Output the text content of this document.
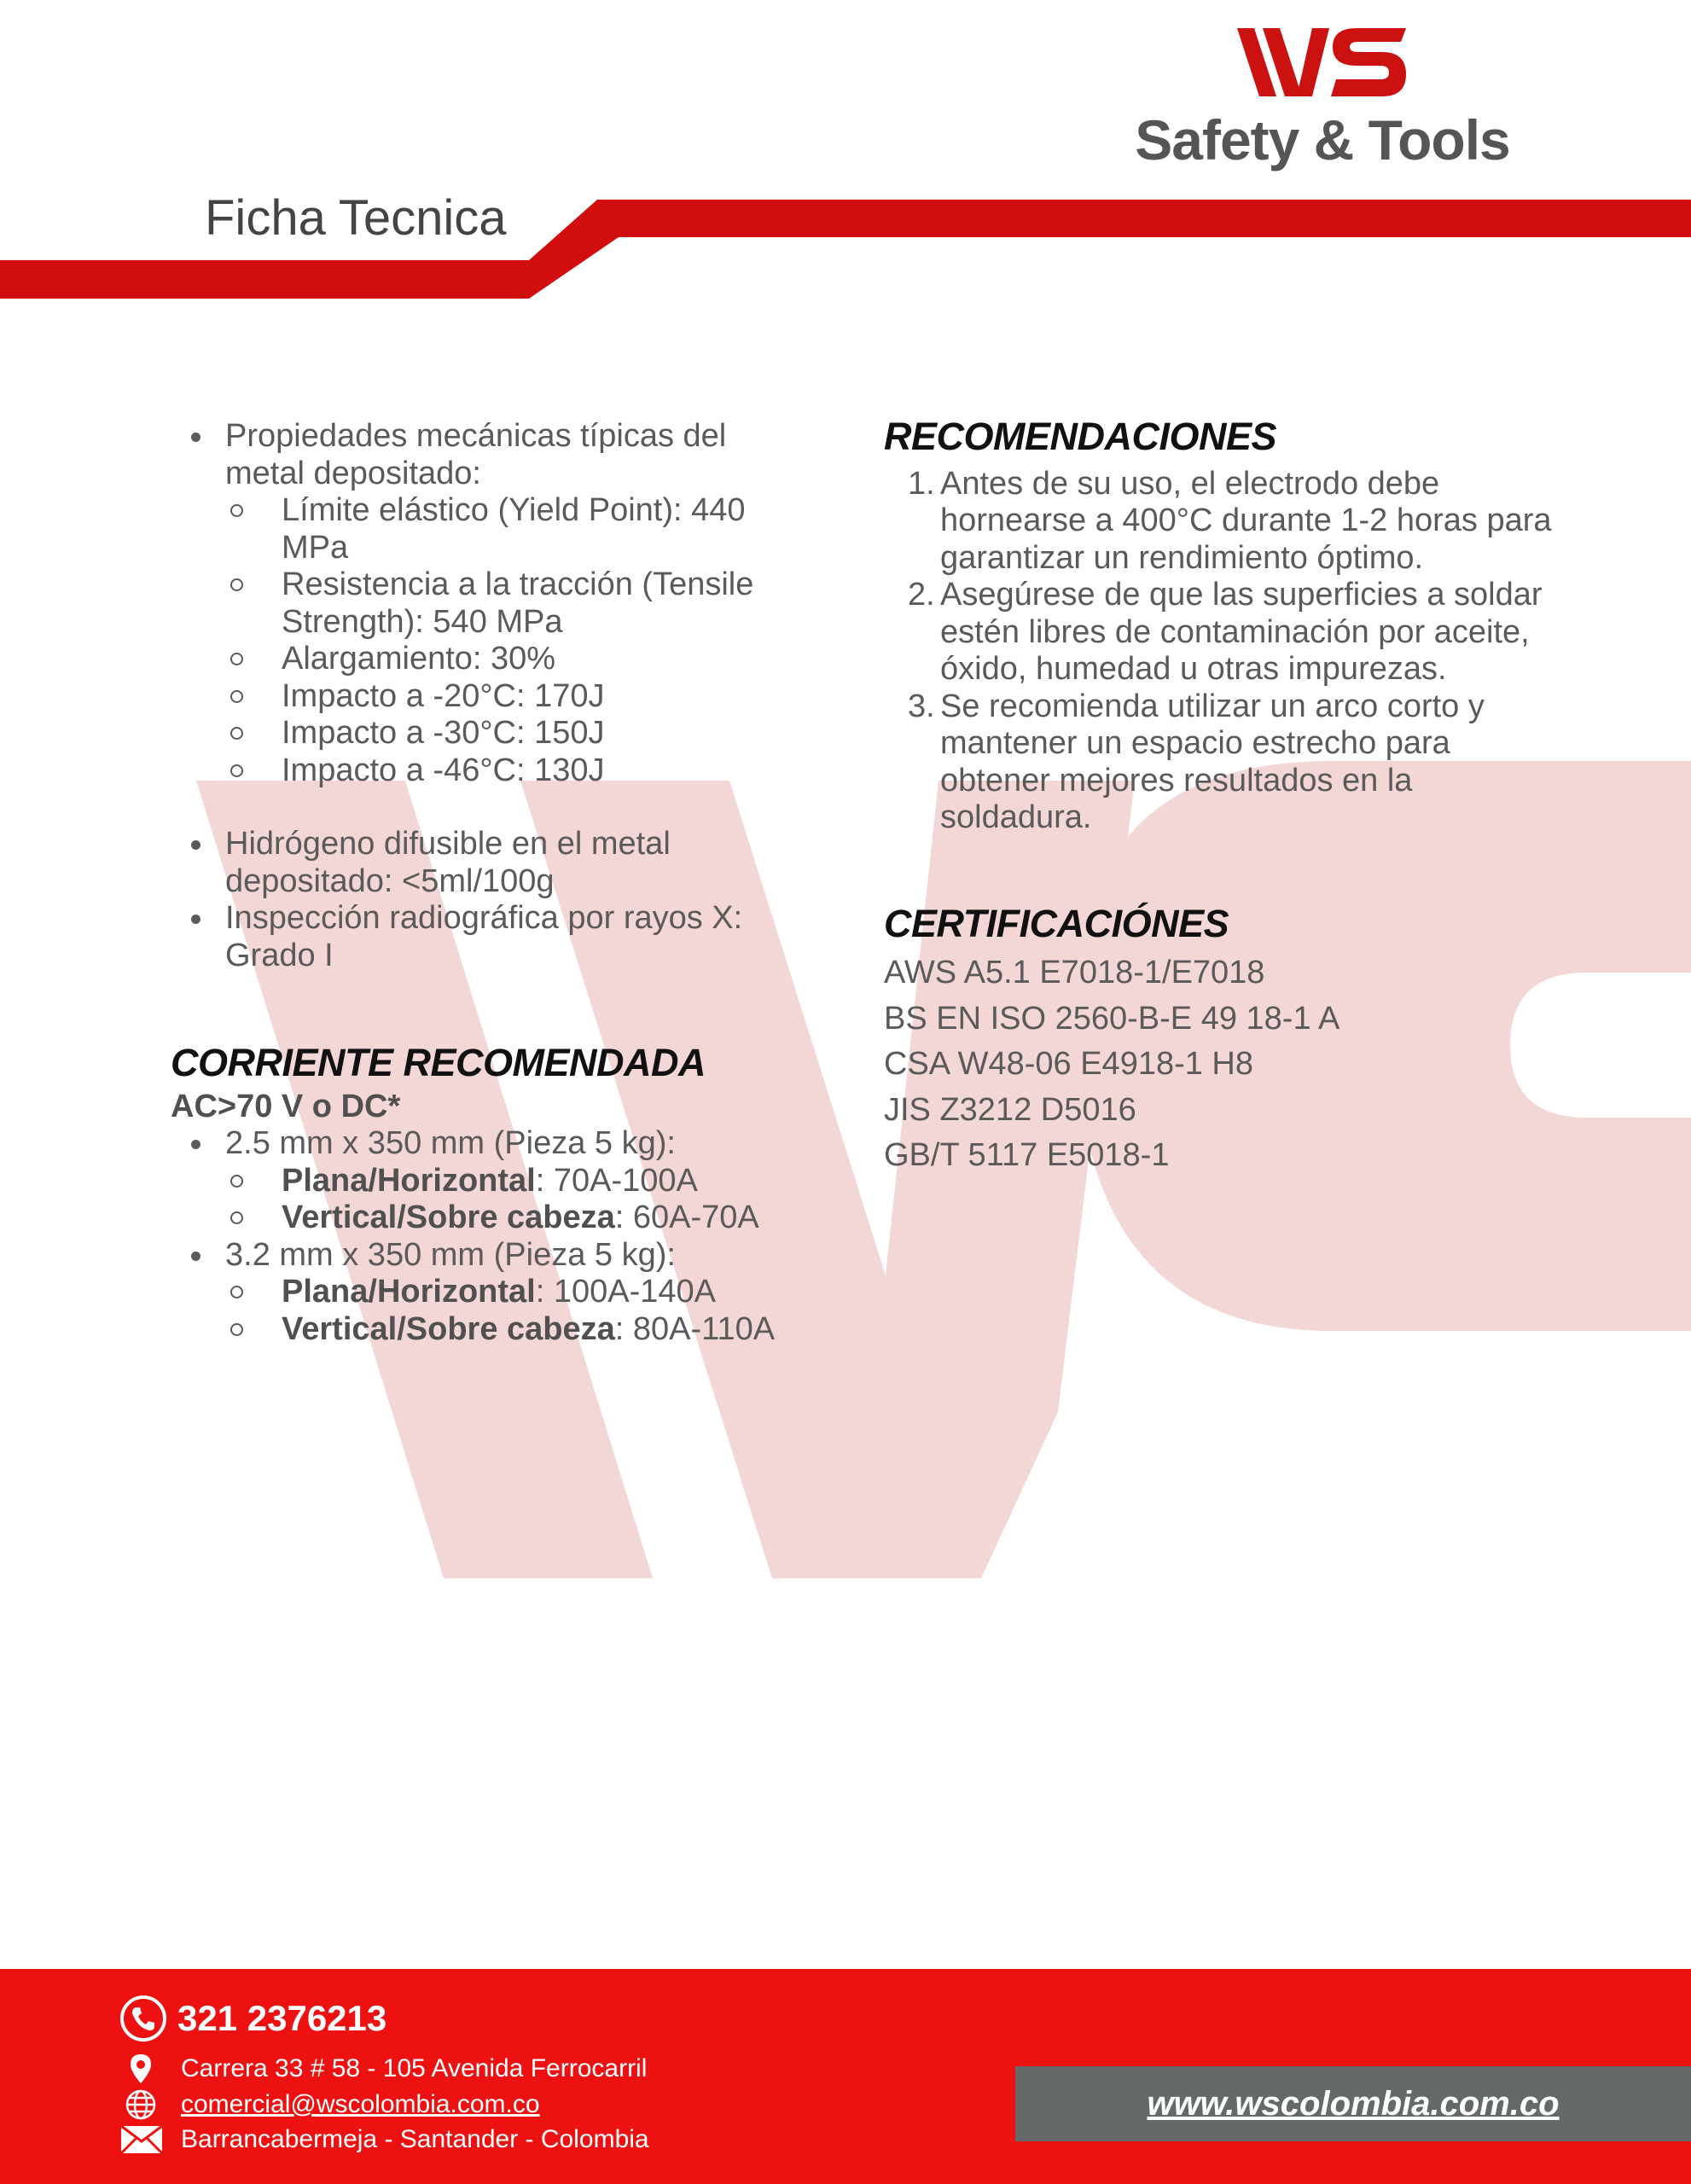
Safety & Tools
Ficha Tecnica
Propiedades mecánicas típicas del metal depositado:
Límite elástico (Yield Point): 440 MPa
Resistencia a la tracción (Tensile Strength): 540 MPa
Alargamiento: 30%
Impacto a -20°C: 170J
Impacto a -30°C: 150J
Impacto a -46°C: 130J
Hidrógeno difusible en el metal depositado: <5ml/100g
Inspección radiográfica por rayos X: Grado I
CORRIENTE RECOMENDADA
AC>70 V o DC*
2.5 mm x 350 mm (Pieza 5 kg):
Plana/Horizontal: 70A-100A
Vertical/Sobre cabeza: 60A-70A
3.2 mm x 350 mm (Pieza 5 kg):
Plana/Horizontal: 100A-140A
Vertical/Sobre cabeza: 80A-110A
RECOMENDACIONES
1. Antes de su uso, el electrodo debe hornearse a 400°C durante 1-2 horas para garantizar un rendimiento óptimo.
2. Asegúrese de que las superficies a soldar estén libres de contaminación por aceite, óxido, humedad u otras impurezas.
3. Se recomienda utilizar un arco corto y mantener un espacio estrecho para obtener mejores resultados en la soldadura.
CERTIFICACIÓNES
AWS A5.1 E7018-1/E7018
BS EN ISO 2560-B-E 49 18-1 A
CSA W48-06 E4918-1 H8
JIS Z3212 D5016
GB/T 5117 E5018-1
321 2376213
Carrera 33 # 58 - 105 Avenida Ferrocarril
comercial@wscolombia.com.co
Barrancabermeja - Santander - Colombia
www.wscolombia.com.co
